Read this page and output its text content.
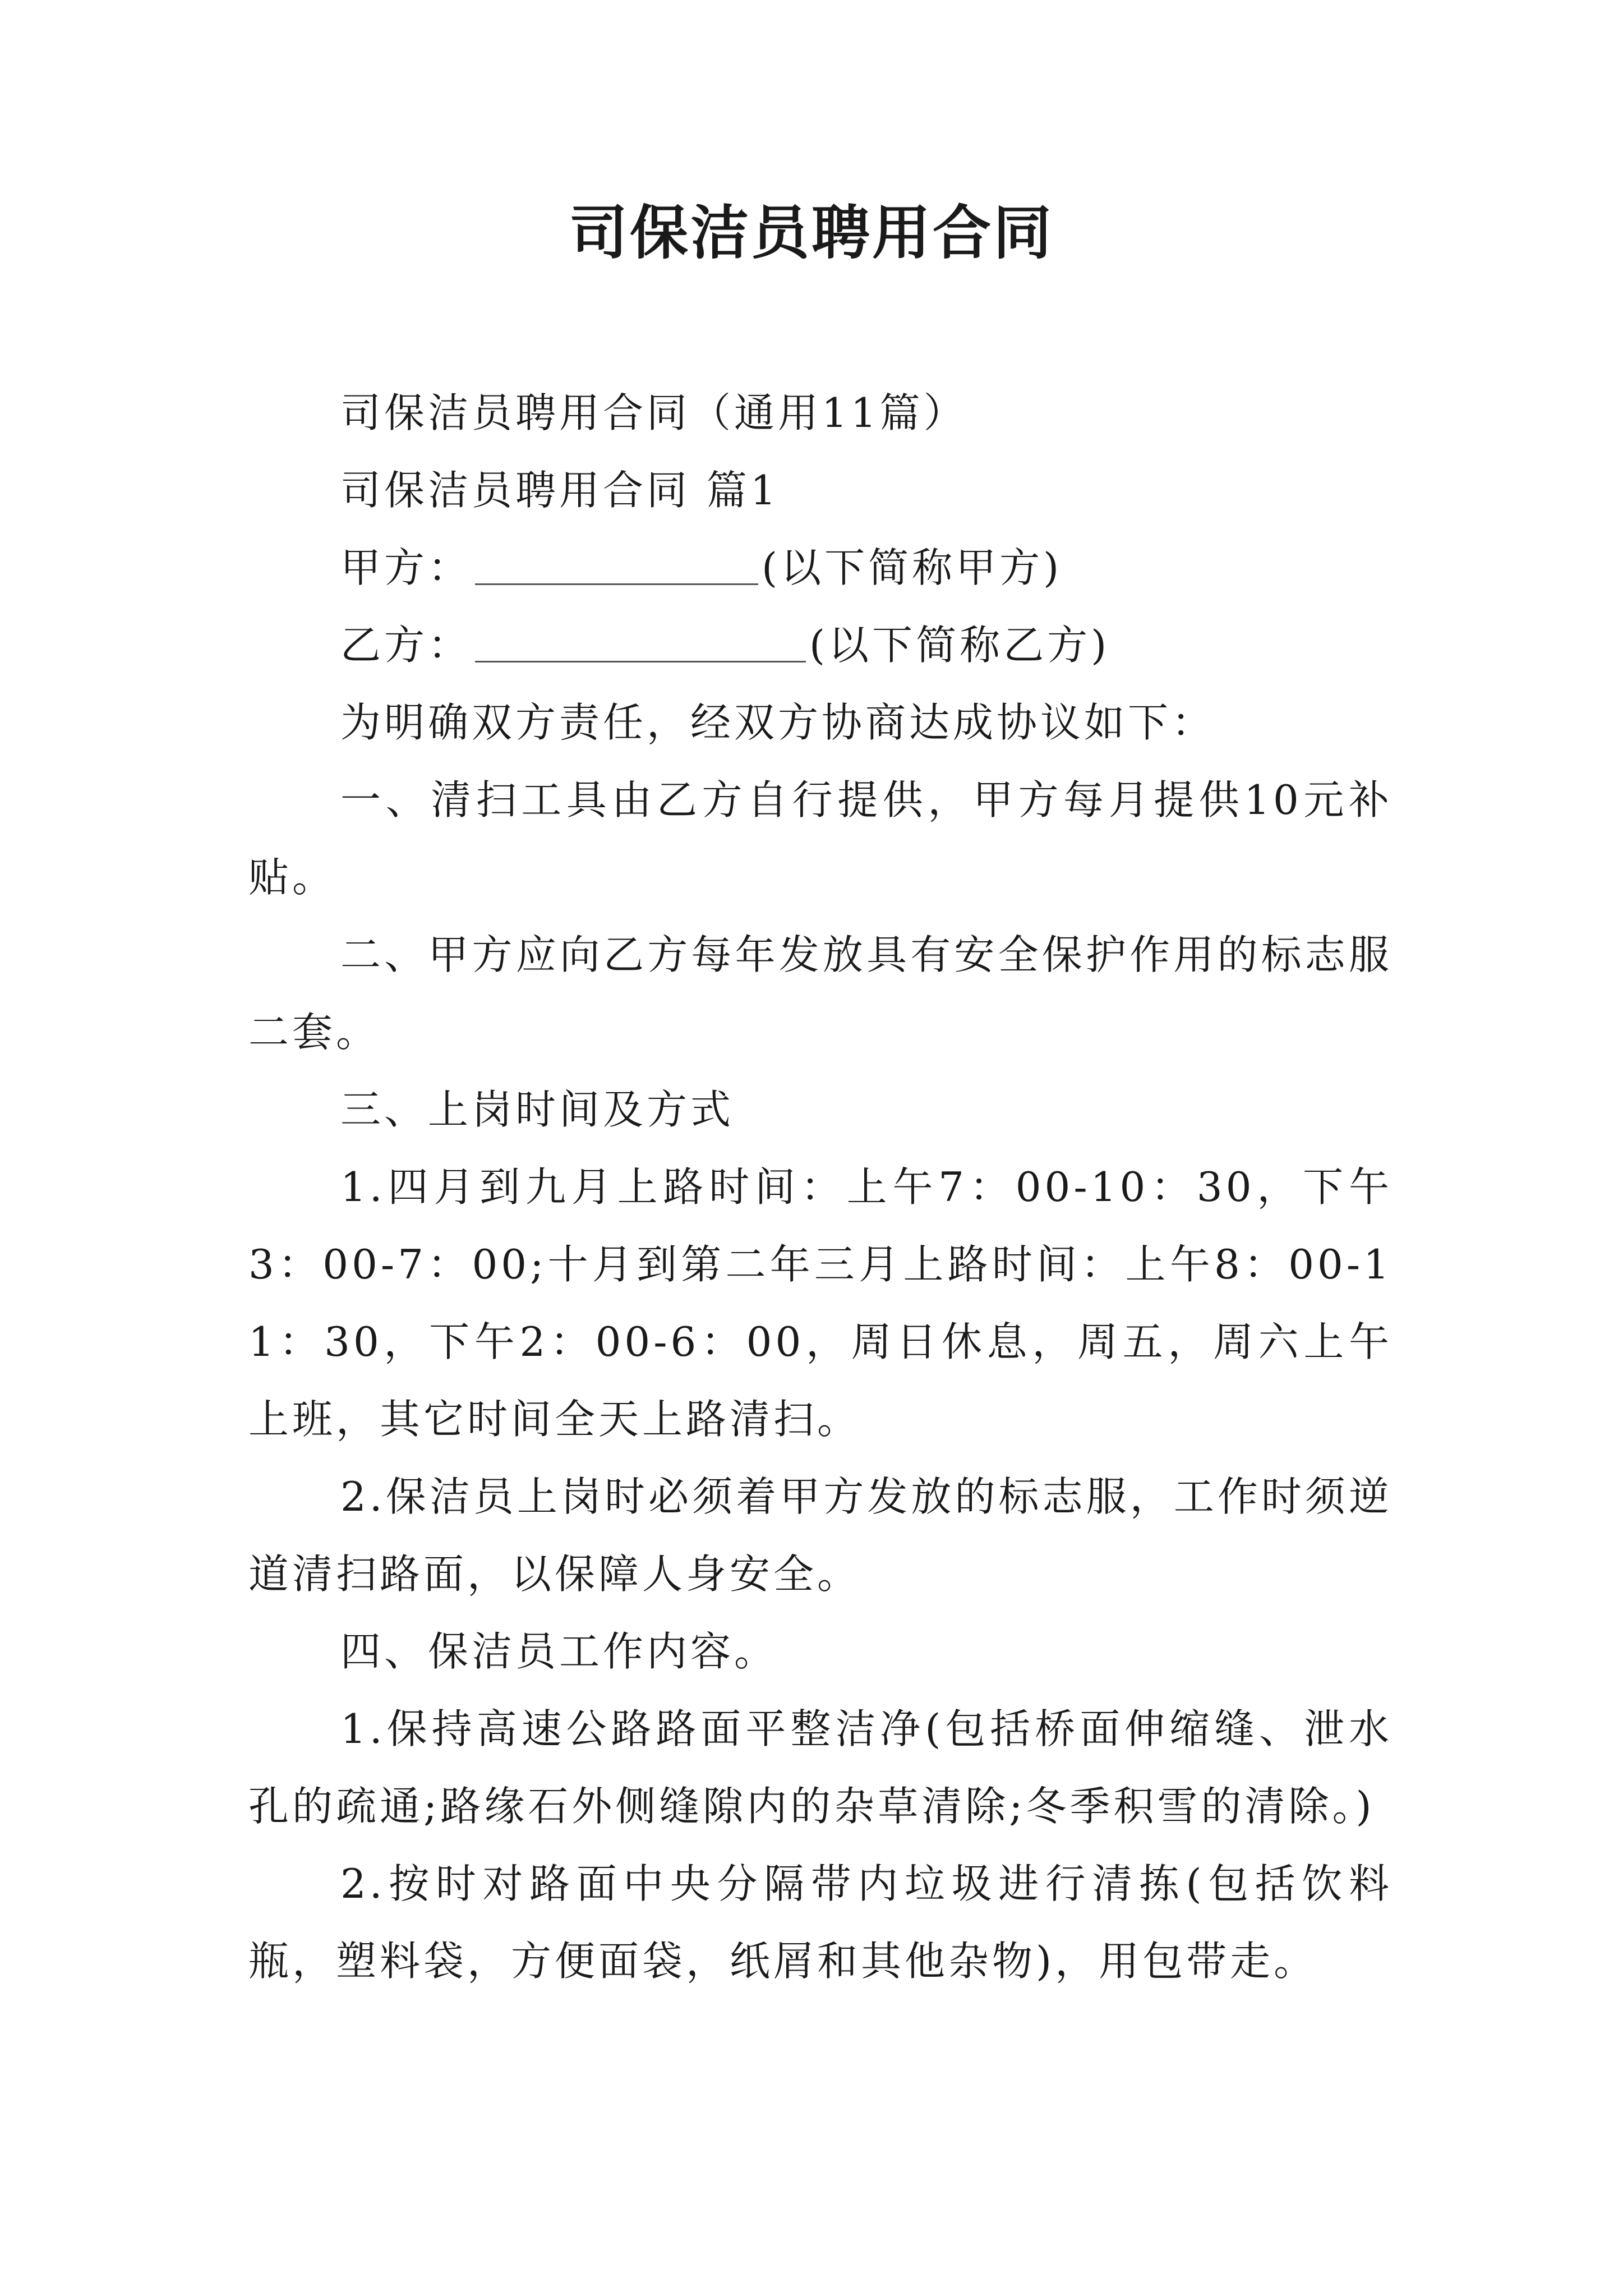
司保洁员聘用合同

司保洁员聘用合同（通用11篇）

司保洁员聘用合同 篇1

甲方：	(以下简称甲方)

乙方：	(以下简称乙方)

为明确双方责任，经双方协商达成协议如下：

一、清扫工具由乙方自行提供，甲方每月提供10元补贴。

二、甲方应向乙方每年发放具有安全保护作用的标志服二套。

三、上岗时间及方式

1.四月到九月上路时间：上午7：00-10：30，下午3：00-7：00;十月到第二年三月上路时间：上午8：00-11：30，下午2：00-6：00，周日休息，周五，周六上午上班，其它时间全天上路清扫。

2.保洁员上岗时必须着甲方发放的标志服，工作时须逆道清扫路面，以保障人身安全。

四、保洁员工作内容。

1.保持高速公路路面平整洁净(包括桥面伸缩缝、泄水孔的疏通;路缘石外侧缝隙内的杂草清除;冬季积雪的清除。)

2.按时对路面中央分隔带内垃圾进行清拣(包括饮料瓶，塑料袋，方便面袋，纸屑和其他杂物)，用包带走。
